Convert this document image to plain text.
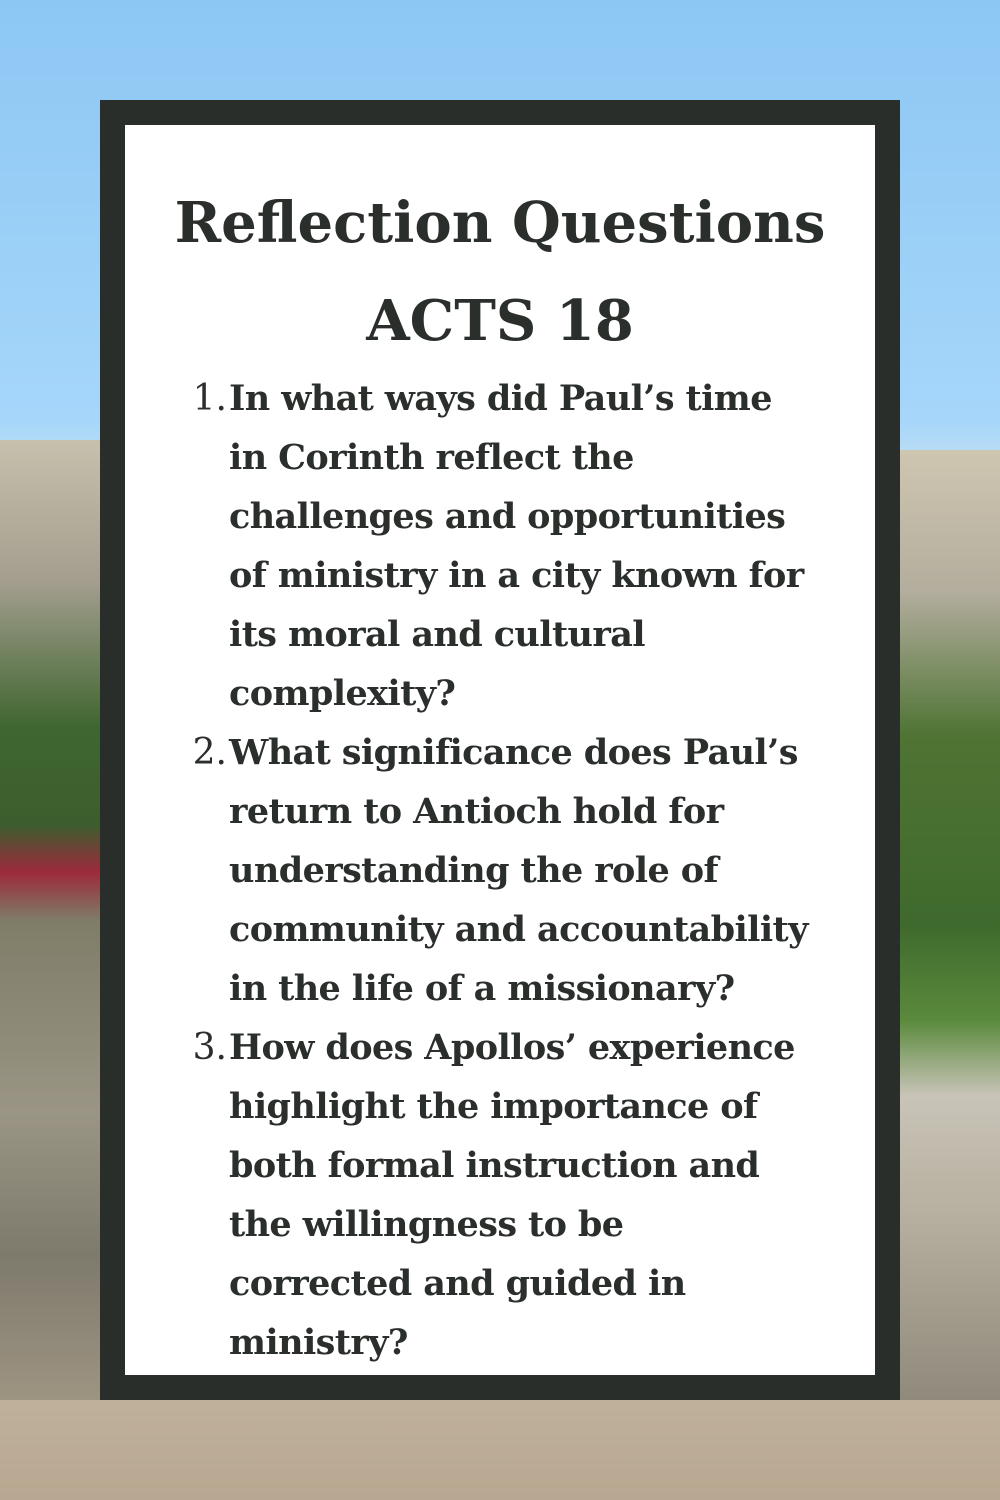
Reflection Questions
ACTS 18
1. In what ways did Paul’s time
in Corinth reflect the
challenges and opportunities
of ministry in a city known for
its moral and cultural
complexity?
2. What significance does Paul’s
return to Antioch hold for
understanding the role of
community and accountability
in the life of a missionary?
3. How does Apollos’ experience
highlight the importance of
both formal instruction and
the willingness to be
corrected and guided in
ministry?
